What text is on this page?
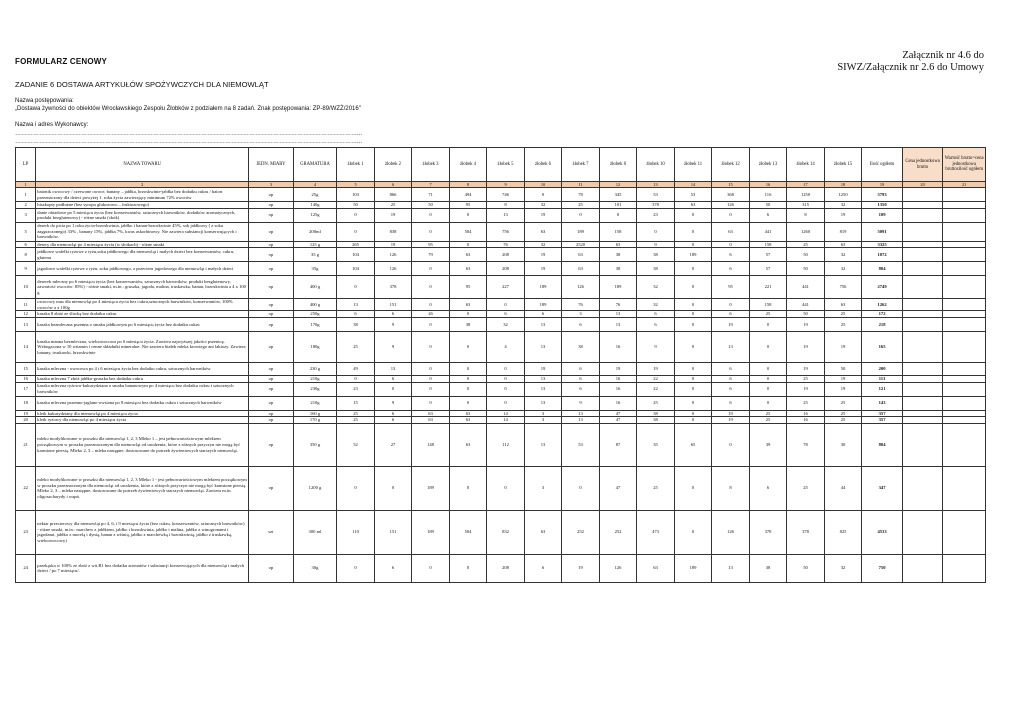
FORMULARZ CENOWY
Załącznik nr 4.6 do
SIWZ/Załącznik nr 2.6 do Umowy
ZADANIE 6 DOSTAWA ARTYKUŁÓW SPOŻYWCZYCH DLA NIEMOWLĄT
Nazwa postępowania:
„Dostawa żywności do obiektów Wrocławskiego Zespołu Żłobków z podziałem na 8 zadań. Znak postępowania: ZP-89/WZŻ/2016"
Nazwa i adres Wykonawcy:
………………………………………………………………………………………………………………………………………………………...
………………………………………………………………………………………………………………………………………………………...
LP	NAZWA TOWARU	JEDN. MIARY	GRAMATURA	żłobek 1	żłobek 2	żłobek 3	żłobek 4	żłobek 5	żłobek 6	żłobek 7	żłobek 8	żłobek 10	żłobek 11	żłobek 12	żłobek 13	żłobek 14	żłobek 15	Ilość ogółem	Cena jednostkowa brutto	Wartość brutto=cena jednostkowa bruttoxilość ogółem
1	2	3	4	5	6	7	8	9	10	11	12	13	14	15	16	17	18	19	20	21
1	batonik owocowy / czerwone owoce, banany – jabłka, brzoskwinie-jabłka bez dodatku cukru / baton przeznaczony dla dzieci powyżej 1. roku życia zawierający minimum 72% owoców	op	25g	103	866	71	494	746	0	78	345	53	53	368	116	1250	1250	5793		
2	biszkopty podłużne (bez syropu glukozowo – fruktozowego)	op	140g	50	25	50	95	8	32	25	101	378	63	126	50	315	32	1350		
3	danie obiadowe po 5 miesiącu życia (bez konserwantów, sztucznych barwników, dodatków aromatycznych, produkt bezglutenowy) - różne smaki (słoik)	op	125g	0	19	0	0	13	19	0	0	23	0	0	6	8	19	109		
5	deserk do picia po 1 roku życia-brzoskwinia, jabłko i banan-brzoskwinie 45%, sok jabłkowy ( z soku zagęszczonego) 33% , banany 15%, jabłka 7%, kwas askorbinowy. Nie zawiera substancji konserwujących i barwników.	op	200ml	0	838	0	504	756	63	189	158	0	0	63	441	1260	819	5091		
6	desery dla niemowląt po 4 miesiącu życia (w słoikach) - różne smaki	op	125 g	265	19	95	0	76	32	2520	63	9	0	0	158	25	63	3325		
8	jabłkowe wafelki ryżowe z ryżu,soku jabłkowego dla niemowląt i małych dzieci bez konserwantów, cukru, glutenu	op	35 g	104	126	79	63	208	19	63	38	38	189	6	57	50	32	1072		
9	jagodowe wafelki ryżowe z ryżu, soku jabłkowego, z przecieru jagodowego dla niemowląt i małych dzieci	op	35g	104	126	0	63	208	19	63	38	38	0	6	57	50	32	804		
10	deserek mleczny po 6 miesiącu życia (bez konserwantów, sztucznych barwników, produkt bezglutenowy, zawartość owoców: 85%) - różne smaki, m.in.: gruszka, jagoda, malina, truskawka, banan, brzoskwinia a 4 x 100 g	op	400 g	0	378	0	95	227	189	126	189	32	0	95	221	441	756	2749		
11	owocowy mus dla niemowląt po 4 miesiącu życia bez cukru,sztucznych barwników, konserwantów, 100% owoców a x 100g	op	400 g	13	151	0	63	0	189	76	76	32	0	0	158	441	63	1262		
12	kaszka 8 zbóż ze śliwką bez dodatku cukru	op	250g	6	6	26	0	6	6	3	13	6	0	6	25	50	25	172		
13	kaszka bezmleczna pszenna o smaku jabłkowym po 6 miesiącu życia bez dodatku cukru	op	170g	38	9	0	38	32	13	6	13	6	0	19	0	19	25	218		
14	kaszka manna bezmleczna, wieloowocowa po 6 miesiącu życia. Zawiera najwyższej jakości pszenicę. Wzbogacona w 10 witamin i cenne składniki mineralne. Nie zawiera białek mleka krowiego ani laktozy. Zawiera banany, truskawki, brzoskwinie	op	180g	25	9	0	0	4	13	38	16	9	0	13	0	19	19	165		
15	kaszka mleczna - owocowa po 4 i 6 miesiącu życia bez dodatku cukru, sztucznych barwników	op	230 g	49	13	0	0	0	19	6	19	19	0	6	0	19	50	200		
16	kaszka mleczna 7 zbóż jabłko-gruszka bez dodatku cukru	op	210g	0	6	0	0	0	13	6	16	22	0	6	0	25	19	113		
17	kaszka mleczna ryżowo-kukurydziana o smaku bananowym po 4 miesiącu bez dodatku cukru i sztucznych barwników	op	230g	23	0	0	0	0	13	6	16	22	0	6	0	19	19	121		
18	kaszka mleczna pszenno-jaglano-owsiana po 8 miesiącu bez dodatku cukru i sztucznych barwników	op	210g	15	9	0	0	0	13	9	16	25	0	6	0	25	25	143		
19	kleik kukurydziany dla niemowląt po 4 miesiącu życia	op	160 g	25	6	63	63	14	3	13	47	38	0	19	25	16	25	357		
20	kleik ryżowy dla niemowląt po 4 miesiącu życia	op	170 g	25	6	63	63	14	3	13	47	38	0	19	25	16	25	357		
21	mleko modyfikowane w proszku dla niemowląt 1, 2, 3 Mleko 1 – jest pełnowartościowym mlekiem początkowym w proszku przeznaczonym dla niemowląt od urodzenia, które z różnych przyczyn nie mogą być karmione piersią. Mleko 2, 3 – mleka następne, dostosowane do potrzeb żywieniowych starszych niemowląt.	op	350 g	52	27	148	63	112	13	53	87	35	65	0	39	78	30	804		
22	mleko modyfikowane w proszku dla niemowląt 1, 2, 3 Mleko 1 - jest pełnowartościowym mlekiem początkowym w proszku przeznaczonym dla niemowląt od urodzenia, które z różnych przyczyn nie mogą być karmione piersią. Mleko 2, 3 – mleka następne, dostosowane do potrzeb żywieniowych starszych niemowląt. Zawiera m.in. oligosacharydy i wapń.	op	1200 g	0	0	189	0	0	3	0	47	25	0	8	6	25	44	347		
23	nektar przecierowy dla niemowląt po 4, 6, i 9 miesiącu życia (bez cukru, konserwantów, sztucznych barwników) - różne smaki, m.in.: marchew z jabłkiem, jabłko i brzoskwinia, jabłko i malina, jabłko z winogronami i jagodami, jabłko z morelą i dynią, banan z wiśnią, jabłko z marchewką i brzoskwinią, jabłko z truskawką, wieloowocowy)	szt	300 ml	110	151	189	504	832	63	252	252	473	0	126	378	378	825	4533		
24	przekąska w 100% ze zbóż z wit.B1 bez dodatku aromatów i substancji konserwujących dla niemowląt i małych dzieci / po 7 miesiącu/.	op	30g	0	6	0	0	208	6	19	126	63	189	13	38	50	32	750		
